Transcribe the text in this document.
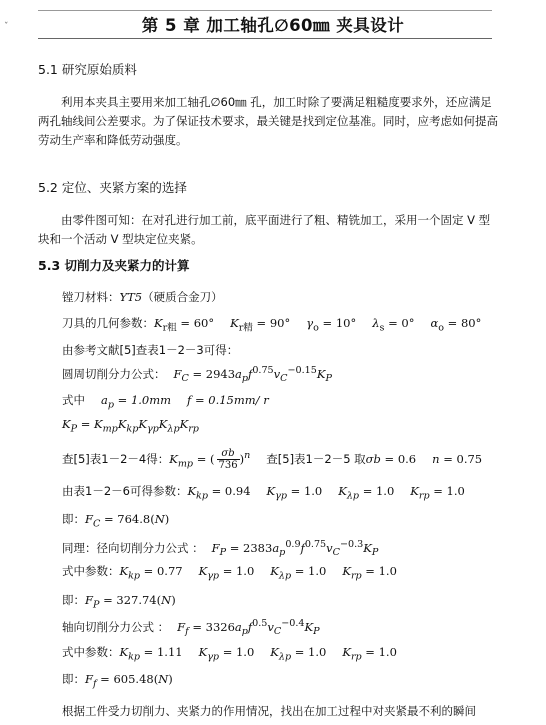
ˇ	第 5 章 加工轴孔∅60㎜ 夹具设计
5.1 研究原始质料

利用本夹具主要用来加工轴孔∅60㎜ 孔，加工时除了要满足粗糙度要求外，还应满足两孔轴线间公差要求。为了保证技术要求，最关键是找到定位基准。同时，应考虑如何提高劳动生产率和降低劳动强度。

5.2 定位、夹紧方案的选择

由零件图可知：在对孔进行加工前，底平面进行了粗、精铣加工，采用一个固定 V 型块和一个活动 V 型块定位夹紧。

5.3 切削力及夹紧力的计算
镗刀材料：YT5（硬质合金刀）
刀具的几何参数：$K_{r粗} = 60^\circ$ $K_{r精} = 90^\circ$ $\gamma_o = 10^\circ$ $\lambda_s = 0^\circ$ $\alpha_o = 80^\circ$
由参考文献[5]查表1－2－3可得：
圆周切削分力公式： $F_C = 2943a_pf^{0.75}v_C^{-0.15}K_P$
式中 $a_p = 1.0mm$ f = 0.15mm/ r
$K_P = K_{mp}K_{kp}K_{\gamma p}K_{\lambda p}K_{rp}$
查[5]表1－2－4得：$K_{mp}$ = ( $\frac{\sigma b}{736} )^n$ 查[5]表1－2－5 取σb = 0.6 n = 0.75
由表1－2－6可得参数：$K_{kp} = 0.94$ $K_{\gamma p} = 1.0$ $K_{\lambda p} = 1.0$ $K_{rp} = 1.0$
即：$F_C = 764.8(N)$
同理：径向切削分力公式 ： $F_P = 2383a_p^{0.9}f^{0.75}v_C^{-0.3}K_P$
式中参数：$K_{kp} = 0.77$ $K_{\gamma p} = 1.0$ $K_{\lambda p} = 1.0$ $K_{rp} = 1.0$
即：$F_P = 327.74(N)$
轴向切削分力公式 ： $F_f = 3326a_pf^{0.5}v_C^{-0.4}K_P$
式中参数：$K_{kp} = 1.11$ $K_{\gamma p} = 1.0$ $K_{\lambda p} = 1.0$ $K_{rp} = 1.0$
即：$F_f = 605.48(N)$
根据工件受力切削力、夹紧力的作用情况，找出在加工过程中对夹紧最不利的瞬间
